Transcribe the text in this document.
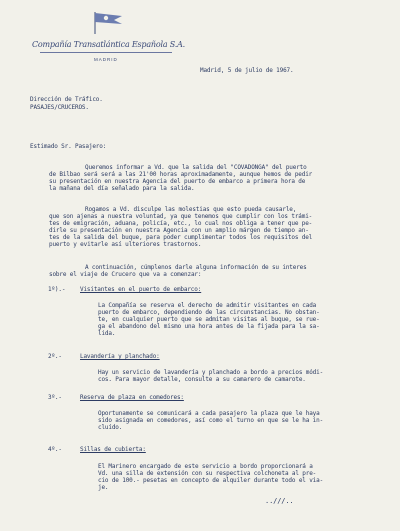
Compañía Transatlántica Española S.A.
MADRID
Madrid, 5 de julio de 1967.
Dirección de Tráfico.
PASAJES/CRUCEROS.
Estimado Sr. Pasajero:
Queremos informar a Vd. que la salida del "COVADONGA" del puerto
de Bilbao será será a las 21'00 horas aproximadamente, aunque hemos de pedir
su presentación en nuestra Agencia del puerto de embarco a primera hora de
la mañana del día señalado para la salida.
Rogamos a Vd. disculpe las molestias que esto pueda causarle,
que son ajenas a nuestra voluntad, ya que tenemos que cumplir con los trámi-
tes de emigración, aduana, policía, etc., lo cual nos obliga a tener que pe-
dirle su presentación en nuestra Agencia con un amplio márgen de tiempo an-
tes de la salida del buque, para poder cumplimentar todos los requisitos del
puerto y evitarle así ulteriores trastornos.
A continuación, cúmplenos darle alguna información de su interes
sobre el viaje de Crucero que va a comenzar:
1º).- Visitantes en el puerto de embarco:
La Compañía se reserva el derecho de admitir visitantes en cada
puerto de embarco, dependiendo de las circunstancias. No obstan-
te, en cualquier puerto que se admitan visitas al buque, se rue-
ga el abandono del mismo una hora antes de la fijada para la sa-
lida.
2º.-	Lavandería y planchado:
Hay un servicio de lavandería y planchado a bordo a precios módi-
cos. Para mayor detalle, consulte a su camarero de camarote.
3º.-	Reserva de plaza en comedores:
Oportunamente se comunicará a cada pasajero la plaza que le haya
sido asignada en comedores, así como el turno en que se le ha in-
cluído.
4º.-	Sillas de cubierta:
El Marinero encargado de este servicio a bordo proporcionará a
Vd. una silla de extensión con su respectiva colchoneta al pre-
cio de 100.- pesetas en concepto de alquiler durante todo el via-
je.
..///..
